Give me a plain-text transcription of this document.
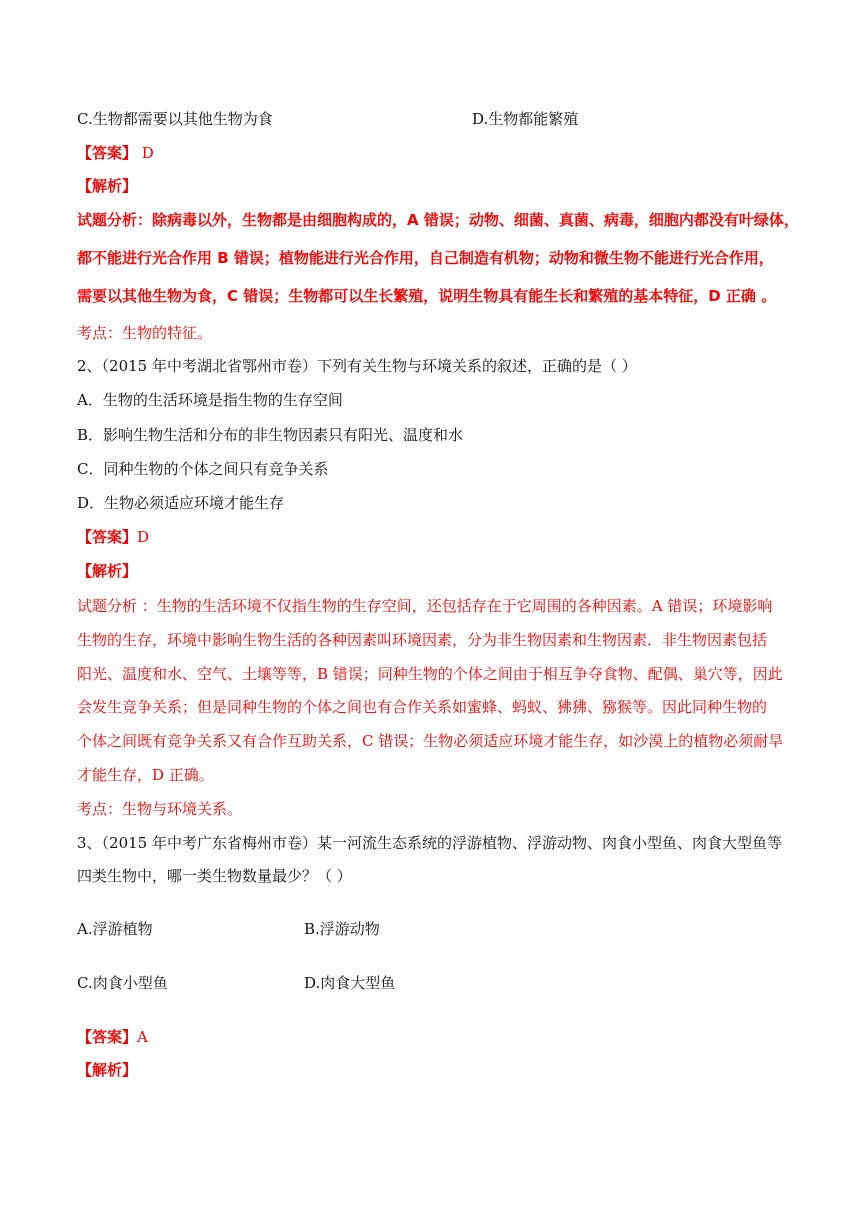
C.生物都需要以其他生物为食	D.生物都能繁殖
【答案】 D
【解析】
试题分析：除病毒以外，生物都是由细胞构成的，A 错误；动物、细菌、真菌、病毒，细胞内都没有叶绿体，
都不能进行光合作用 B 错误；植物能进行光合作用，自己制造有机物；动物和微生物不能进行光合作用，
需要以其他生物为食，C 错误；生物都可以生长繁殖，说明生物具有能生长和繁殖的基本特征，D 正确 。
考点：生物的特征。
2、（2015 年中考湖北省鄂州市卷）下列有关生物与环境关系的叙述，正确的是（ ）
A．生物的生活环境是指生物的生存空间
B．影响生物生活和分布的非生物因素只有阳光、温度和水
C．同种生物的个体之间只有竞争关系
D．生物必须适应环境才能生存
【答案】D
【解析】
试题分析 ：生物的生活环境不仅指生物的生存空间，还包括存在于它周围的各种因素。A 错误；环境影响
生物的生存，环境中影响生物生活的各种因素叫环境因素，分为非生物因素和生物因素．非生物因素包括
阳光、温度和水、空气、土壤等等，B 错误；同种生物的个体之间由于相互争夺食物、配偶、巢穴等，因此
会发生竞争关系；但是同种生物的个体之间也有合作关系如蜜蜂、蚂蚁、狒狒、猕猴等。因此同种生物的
个体之间既有竞争关系又有合作互助关系，C 错误；生物必须适应环境才能生存，如沙漠上的植物必须耐旱
才能生存，D 正确。
考点：生物与环境关系。
3、（2015 年中考广东省梅州市卷）某一河流生态系统的浮游植物、浮游动物、肉食小型鱼、肉食大型鱼等
四类生物中，哪一类生物数量最少？（ ）
A.浮游植物	B.浮游动物
C.肉食小型鱼	D.肉食大型鱼
【答案】A
【解析】
